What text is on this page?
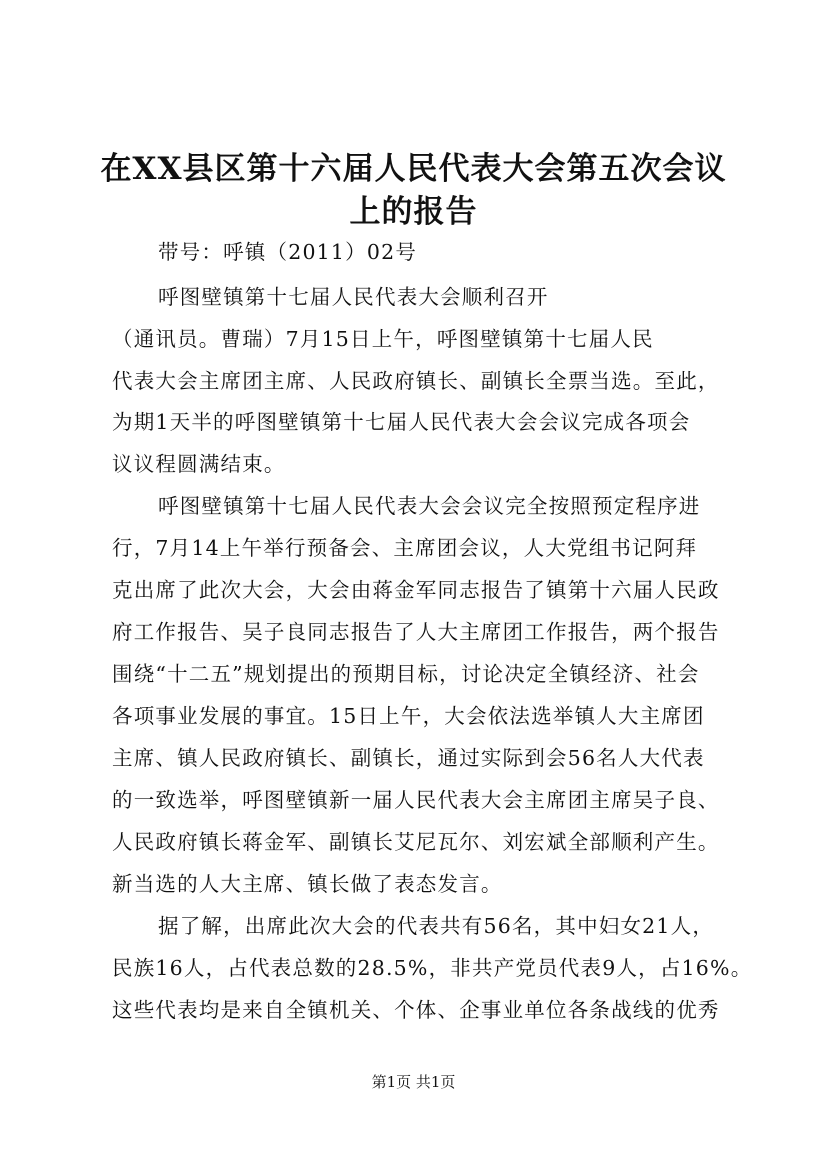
在XX县区第十六届人民代表大会第五次会议
上的报告
带号：呼镇（2011）02号
呼图壁镇第十七届人民代表大会顺利召开
（通讯员。曹瑞）7月15日上午，呼图壁镇第十七届人民
代表大会主席团主席、人民政府镇长、副镇长全票当选。至此，
为期1天半的呼图壁镇第十七届人民代表大会会议完成各项会
议议程圆满结束。
呼图壁镇第十七届人民代表大会会议完全按照预定程序进
行，7月14上午举行预备会、主席团会议，人大党组书记阿拜
克出席了此次大会，大会由蒋金军同志报告了镇第十六届人民政
府工作报告、吴子良同志报告了人大主席团工作报告，两个报告
围绕“十二五”规划提出的预期目标，讨论决定全镇经济、社会
各项事业发展的事宜。15日上午，大会依法选举镇人大主席团
主席、镇人民政府镇长、副镇长，通过实际到会56名人大代表
的一致选举，呼图壁镇新一届人民代表大会主席团主席吴子良、
人民政府镇长蒋金军、副镇长艾尼瓦尔、刘宏斌全部顺利产生。
新当选的人大主席、镇长做了表态发言。
据了解，出席此次大会的代表共有56名，其中妇女21人，
民族16人，占代表总数的28.5%，非共产党员代表9人，占16%。
这些代表均是来自全镇机关、个体、企事业单位各条战线的优秀
第1页 共1页
